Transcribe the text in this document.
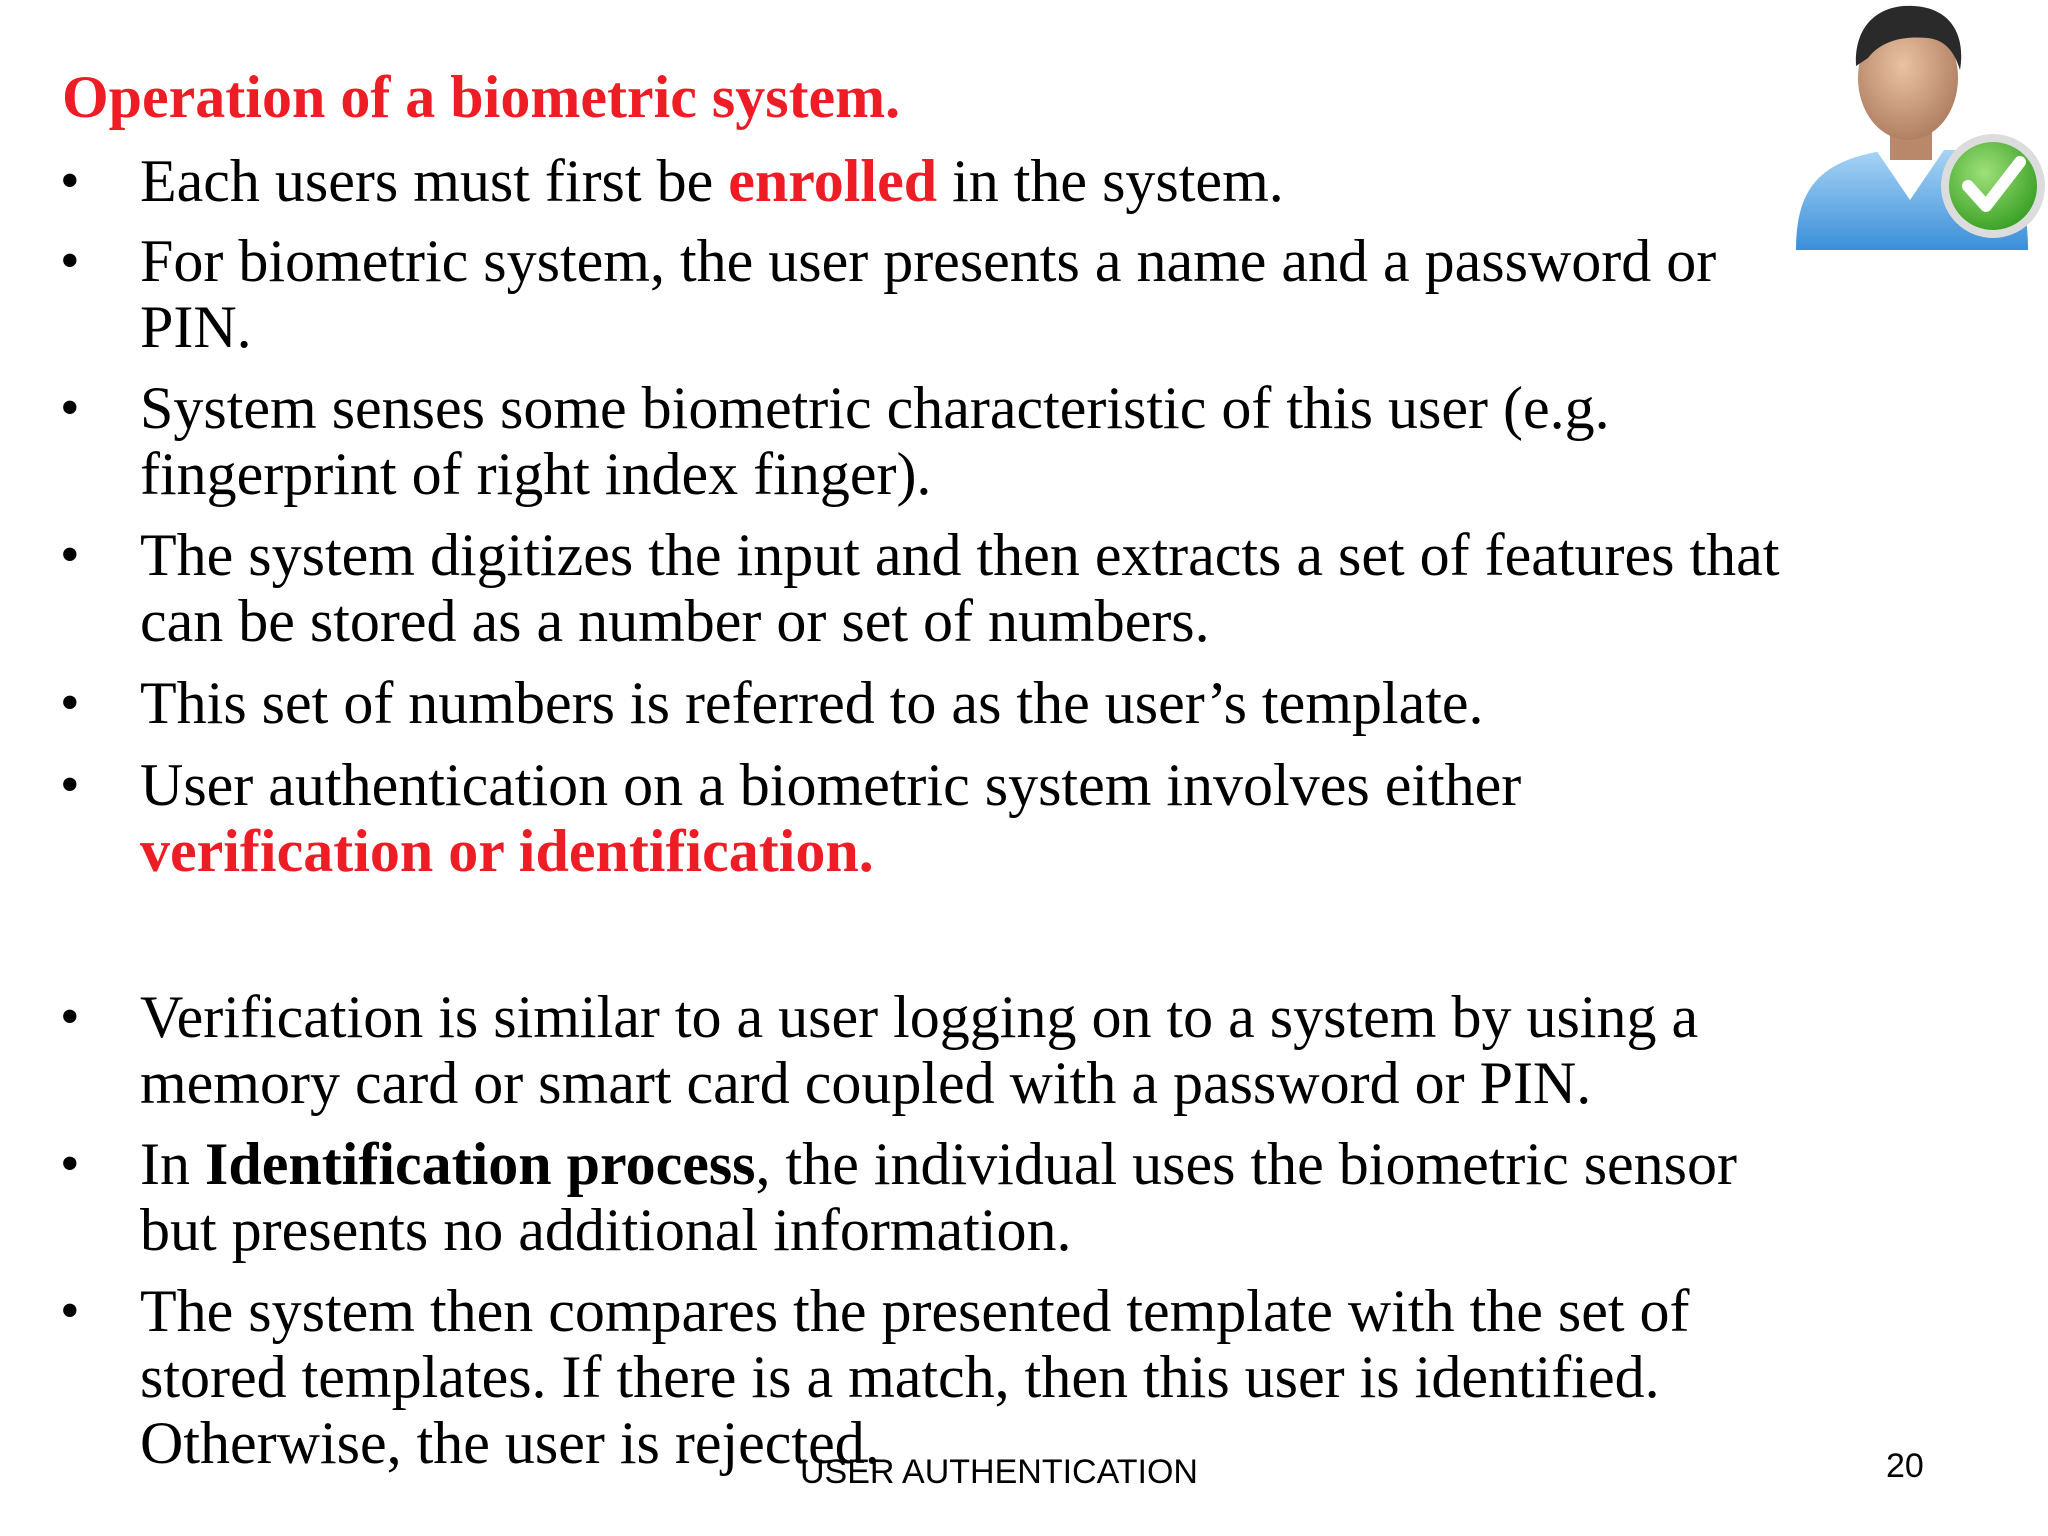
Operation of a biometric system.
• Each users must first be enrolled in the system.
• For biometric system, the user presents a name and a password or
PIN.
• System senses some biometric characteristic of this user (e.g.
fingerprint of right index finger).
• The system digitizes the input and then extracts a set of features that
can be stored as a number or set of numbers.
• This set of numbers is referred to as the user’s template.
• User authentication on a biometric system involves either
verification or identification.
• Verification is similar to a user logging on to a system by using a
memory card or smart card coupled with a password or PIN.
• In Identification process, the individual uses the biometric sensor
but presents no additional information.
• The system then compares the presented template with the set of
stored templates. If there is a match, then this user is identified.
Otherwise, the user is rejected.
USER AUTHENTICATION	20
